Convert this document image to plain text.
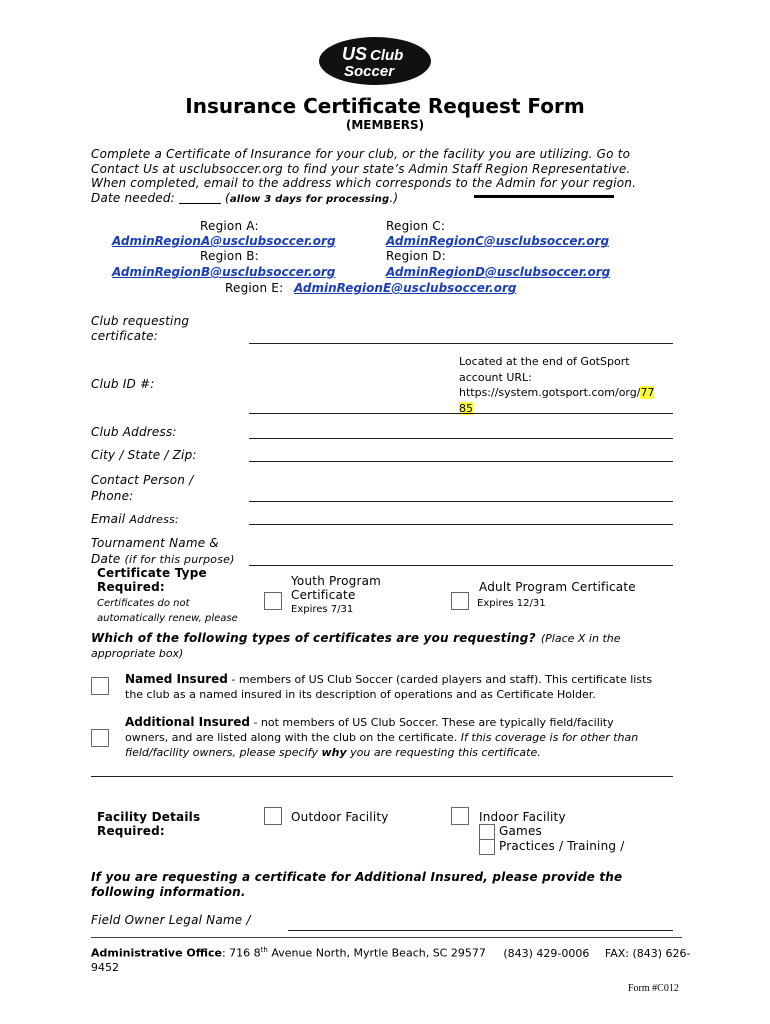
US Club
Soccer
Insurance Certificate Request Form
(MEMBERS)
Complete a Certificate of Insurance for your club, or the facility you are utilizing. Go to
Contact Us at usclubsoccer.org to find your state’s Admin Staff Region Representative.
When completed, email to the address which corresponds to the Admin for your region.
Date needed:	(allow 3 days for processing.)
Region A:
AdminRegionA@usclubsoccer.org
Region B:
AdminRegionB@usclubsoccer.org
Region C:
AdminRegionC@usclubsoccer.org
Region D:
AdminRegionD@usclubsoccer.org
Region E: AdminRegionE@usclubsoccer.org
Club requesting
certificate:
Club ID #:
Located at the end of GotSport
account URL:
https://system.gotsport.com/org/77
85
Club Address:
City / State / Zip:
Contact Person /
Phone:
Email Address:
Tournament Name &
Date (if for this purpose)
Certificate Type
Required:
Certificates do not
automatically renew, please
Youth Program
Certificate
Expires 7/31
Adult Program Certificate
Expires 12/31
Which of the following types of certificates are you requesting? (Place X in the
appropriate box)
Named Insured - members of US Club Soccer (carded players and staff). This certificate lists
the club as a named insured in its description of operations and as Certificate Holder.
Additional Insured - not members of US Club Soccer. These are typically field/facility
owners, and are listed along with the club on the certificate. If this coverage is for other than
field/facility owners, please specify why you are requesting this certificate.
Facility Details
Required:
Outdoor Facility	Indoor Facility
Games
Practices / Training /
If you are requesting a certificate for Additional Insured, please provide the
following information.
Field Owner Legal Name /
Administrative Office: 716 8th Avenue North, Myrtle Beach, SC 29577 (843) 429-0006 FAX: (843) 626-
9452
Form #C012
